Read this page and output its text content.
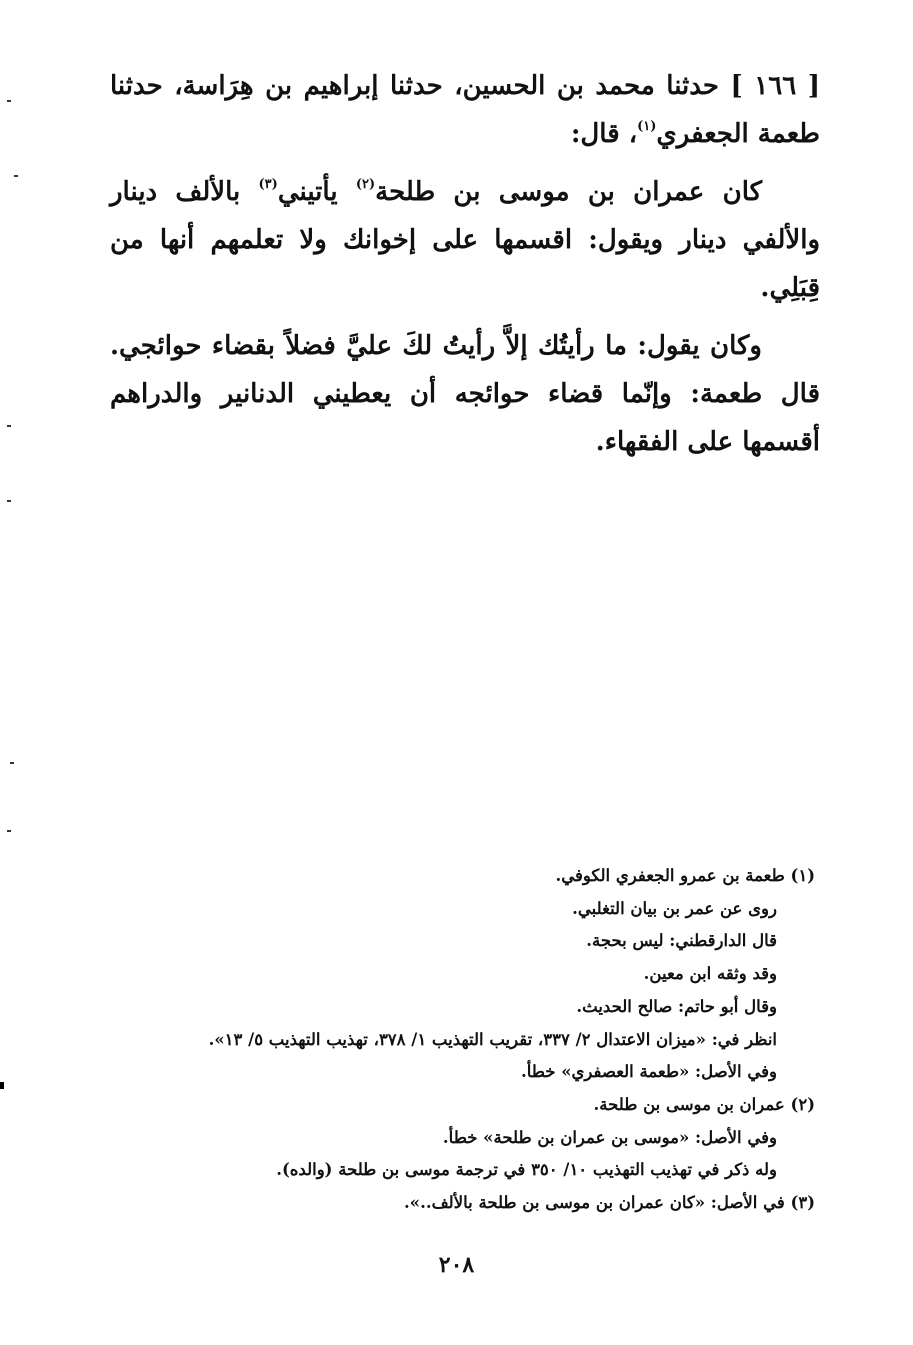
[ ١٦٦ ] حدثنا محمد بن الحسين، حدثنا إبراهيم بن هِرَاسة، حدثنا طعمة الجعفري$^{(١)}$، قال:

كان عمران بن موسى بن طلحة$^{(٢)}$ يأتيني$^{(٣)}$ بالألف دينار والألفي دينار ويقول: اقسمها على إخوانك ولا تعلمهم أنها من قِبَلِي.

وكان يقول: ما رأيتُك إلاَّ رأيتُ لكَ عليَّ فضلاً بقضاء حوائجي. قال طعمة: وإنّما قضاء حوائجه أن يعطيني الدنانير والدراهم أقسمها على الفقهاء.

(١) طعمة بن عمرو الجعفري الكوفي.
روى عن عمر بن بيان التغلبي.
قال الدارقطني: ليس بحجة.
وقد وثقه ابن معين.
وقال أبو حاتم: صالح الحديث.
انظر في: «ميزان الاعتدال ٢/ ٣٣٧، تقريب التهذيب ١/ ٣٧٨، تهذيب التهذيب ٥/ ١٣».
وفي الأصل: «طعمة العصفري» خطأ.
(٢) عمران بن موسى بن طلحة.
وفي الأصل: «موسى بن عمران بن طلحة» خطأ.
وله ذكر في تهذيب التهذيب ١٠/ ٣٥٠ في ترجمة موسى بن طلحة (والده).
(٣) في الأصل: «كان عمران بن موسى بن طلحة بالألف..».
٢٠٨
